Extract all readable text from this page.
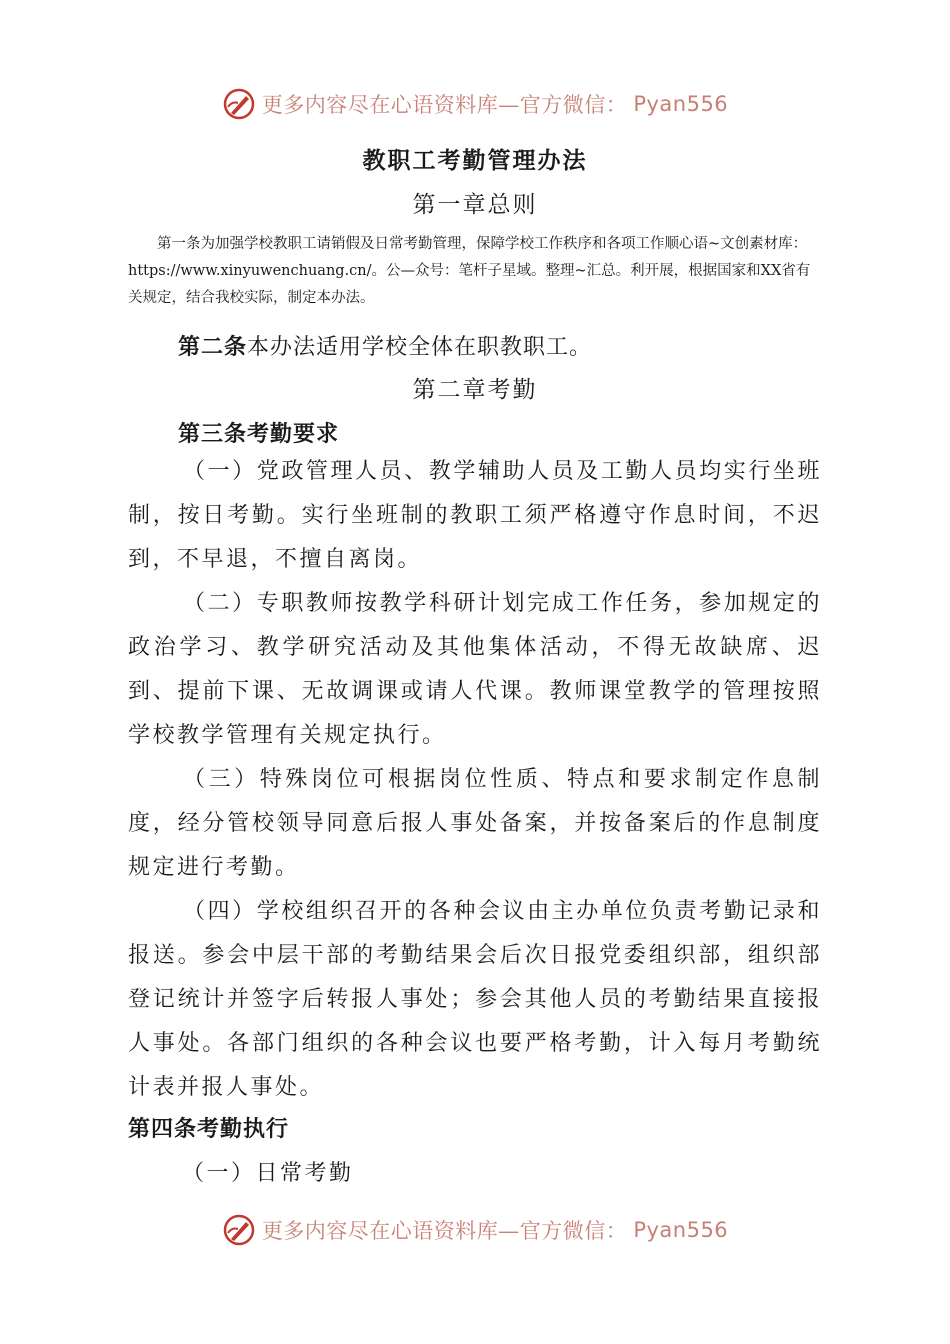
更多内容尽在心语资料库—官方微信： Pyan556
教职工考勤管理办法
第一章总则

第一条为加强学校教职工请销假及日常考勤管理，保障学校工作秩序和各项工作顺心语~文创素材库：https://www.xinyuwenchuang.cn/。公—众号：笔杆子星域。整理~汇总。利开展，根据国家和XX省有关规定，结合我校实际，制定本办法。

第二条本办法适用学校全体在职教职工。
第二章考勤
第三条考勤要求

（一）党政管理人员、教学辅助人员及工勤人员均实行坐班制，按日考勤。实行坐班制的教职工须严格遵守作息时间，不迟到，不早退，不擅自离岗。

（二）专职教师按教学科研计划完成工作任务，参加规定的政治学习、教学研究活动及其他集体活动，不得无故缺席、迟到、提前下课、无故调课或请人代课。教师课堂教学的管理按照学校教学管理有关规定执行。

（三）特殊岗位可根据岗位性质、特点和要求制定作息制度，经分管校领导同意后报人事处备案，并按备案后的作息制度规定进行考勤。

（四）学校组织召开的各种会议由主办单位负责考勤记录和报送。参会中层干部的考勤结果会后次日报党委组织部，组织部登记统计并签字后转报人事处；参会其他人员的考勤结果直接报人事处。各部门组织的各种会议也要严格考勤，计入每月考勤统计表并报人事处。

第四条考勤执行
（一）日常考勤
更多内容尽在心语资料库—官方微信： Pyan556
